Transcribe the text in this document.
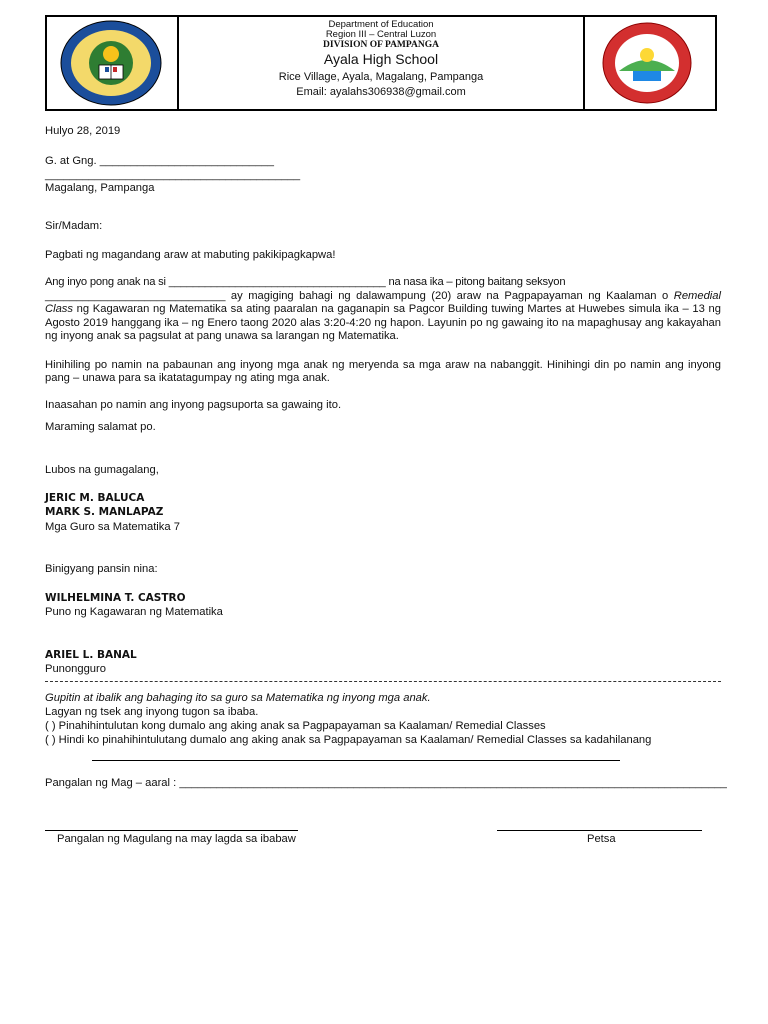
Department of Education
Region III – Central Luzon
DIVISION OF PAMPANGA
Ayala High School
Rice Village, Ayala, Magalang, Pampanga
Email: ayalahs306938@gmail.com
Hulyo 28, 2019
G. at Gng. ____________________________
_________________________________________
Magalang, Pampanga
Sir/Madam:
Pagbati ng magandang araw at mabuting pakikipagkapwa!
Ang inyo pong anak na si ____________________________________ na nasa ika – pitong baitang seksyon
_____________________________ ay magiging bahagi ng dalawampung (20) araw na Pagpapayaman ng Kaalaman o Remedial Class ng Kagawaran ng Matematika sa ating paaralan na gaganapin sa Pagcor Building tuwing Martes at Huwebes simula ika – 13 ng Agosto 2019 hanggang ika – ng Enero taong 2020 alas 3:20-4:20 ng hapon. Layunin po ng gawaing ito na mapaghusay ang kakayahan ng inyong anak sa pagsulat at pang unawa sa larangan ng Matematika.
Hinihiling po namin na pabaunan ang inyong mga anak ng meryenda sa mga araw na nabanggit. Hinihingi din po namin ang inyong pang – unawa para sa ikatatagumpay ng ating mga anak.
Inaasahan po namin ang inyong pagsuporta sa gawaing ito.
Maraming salamat po.
Lubos na gumagalang,
JERIC M. BALUCA
MARK S. MANLAPAZ
Mga Guro sa Matematika 7
Binigyang pansin nina:
WILHELMINA T. CASTRO
Puno ng Kagawaran ng Matematika
ARIEL L. BANAL
Punongguro
Gupitin at ibalik ang bahaging ito sa guro sa Matematika ng inyong mga anak.
Lagyan ng tsek ang inyong tugon sa ibaba.
( ) Pinahihintulutan kong dumalo ang aking anak sa Pagpapayaman sa Kaalaman/ Remedial Classes
( ) Hindi ko pinahihintulutang dumalo ang aking anak sa Pagpapayaman sa Kaalaman/ Remedial Classes sa kadahilanang
Pangalan ng Mag – aaral : ________________________________________________________________________________________
Pangalan ng Magulang na may lagda sa ibabaw	Petsa
